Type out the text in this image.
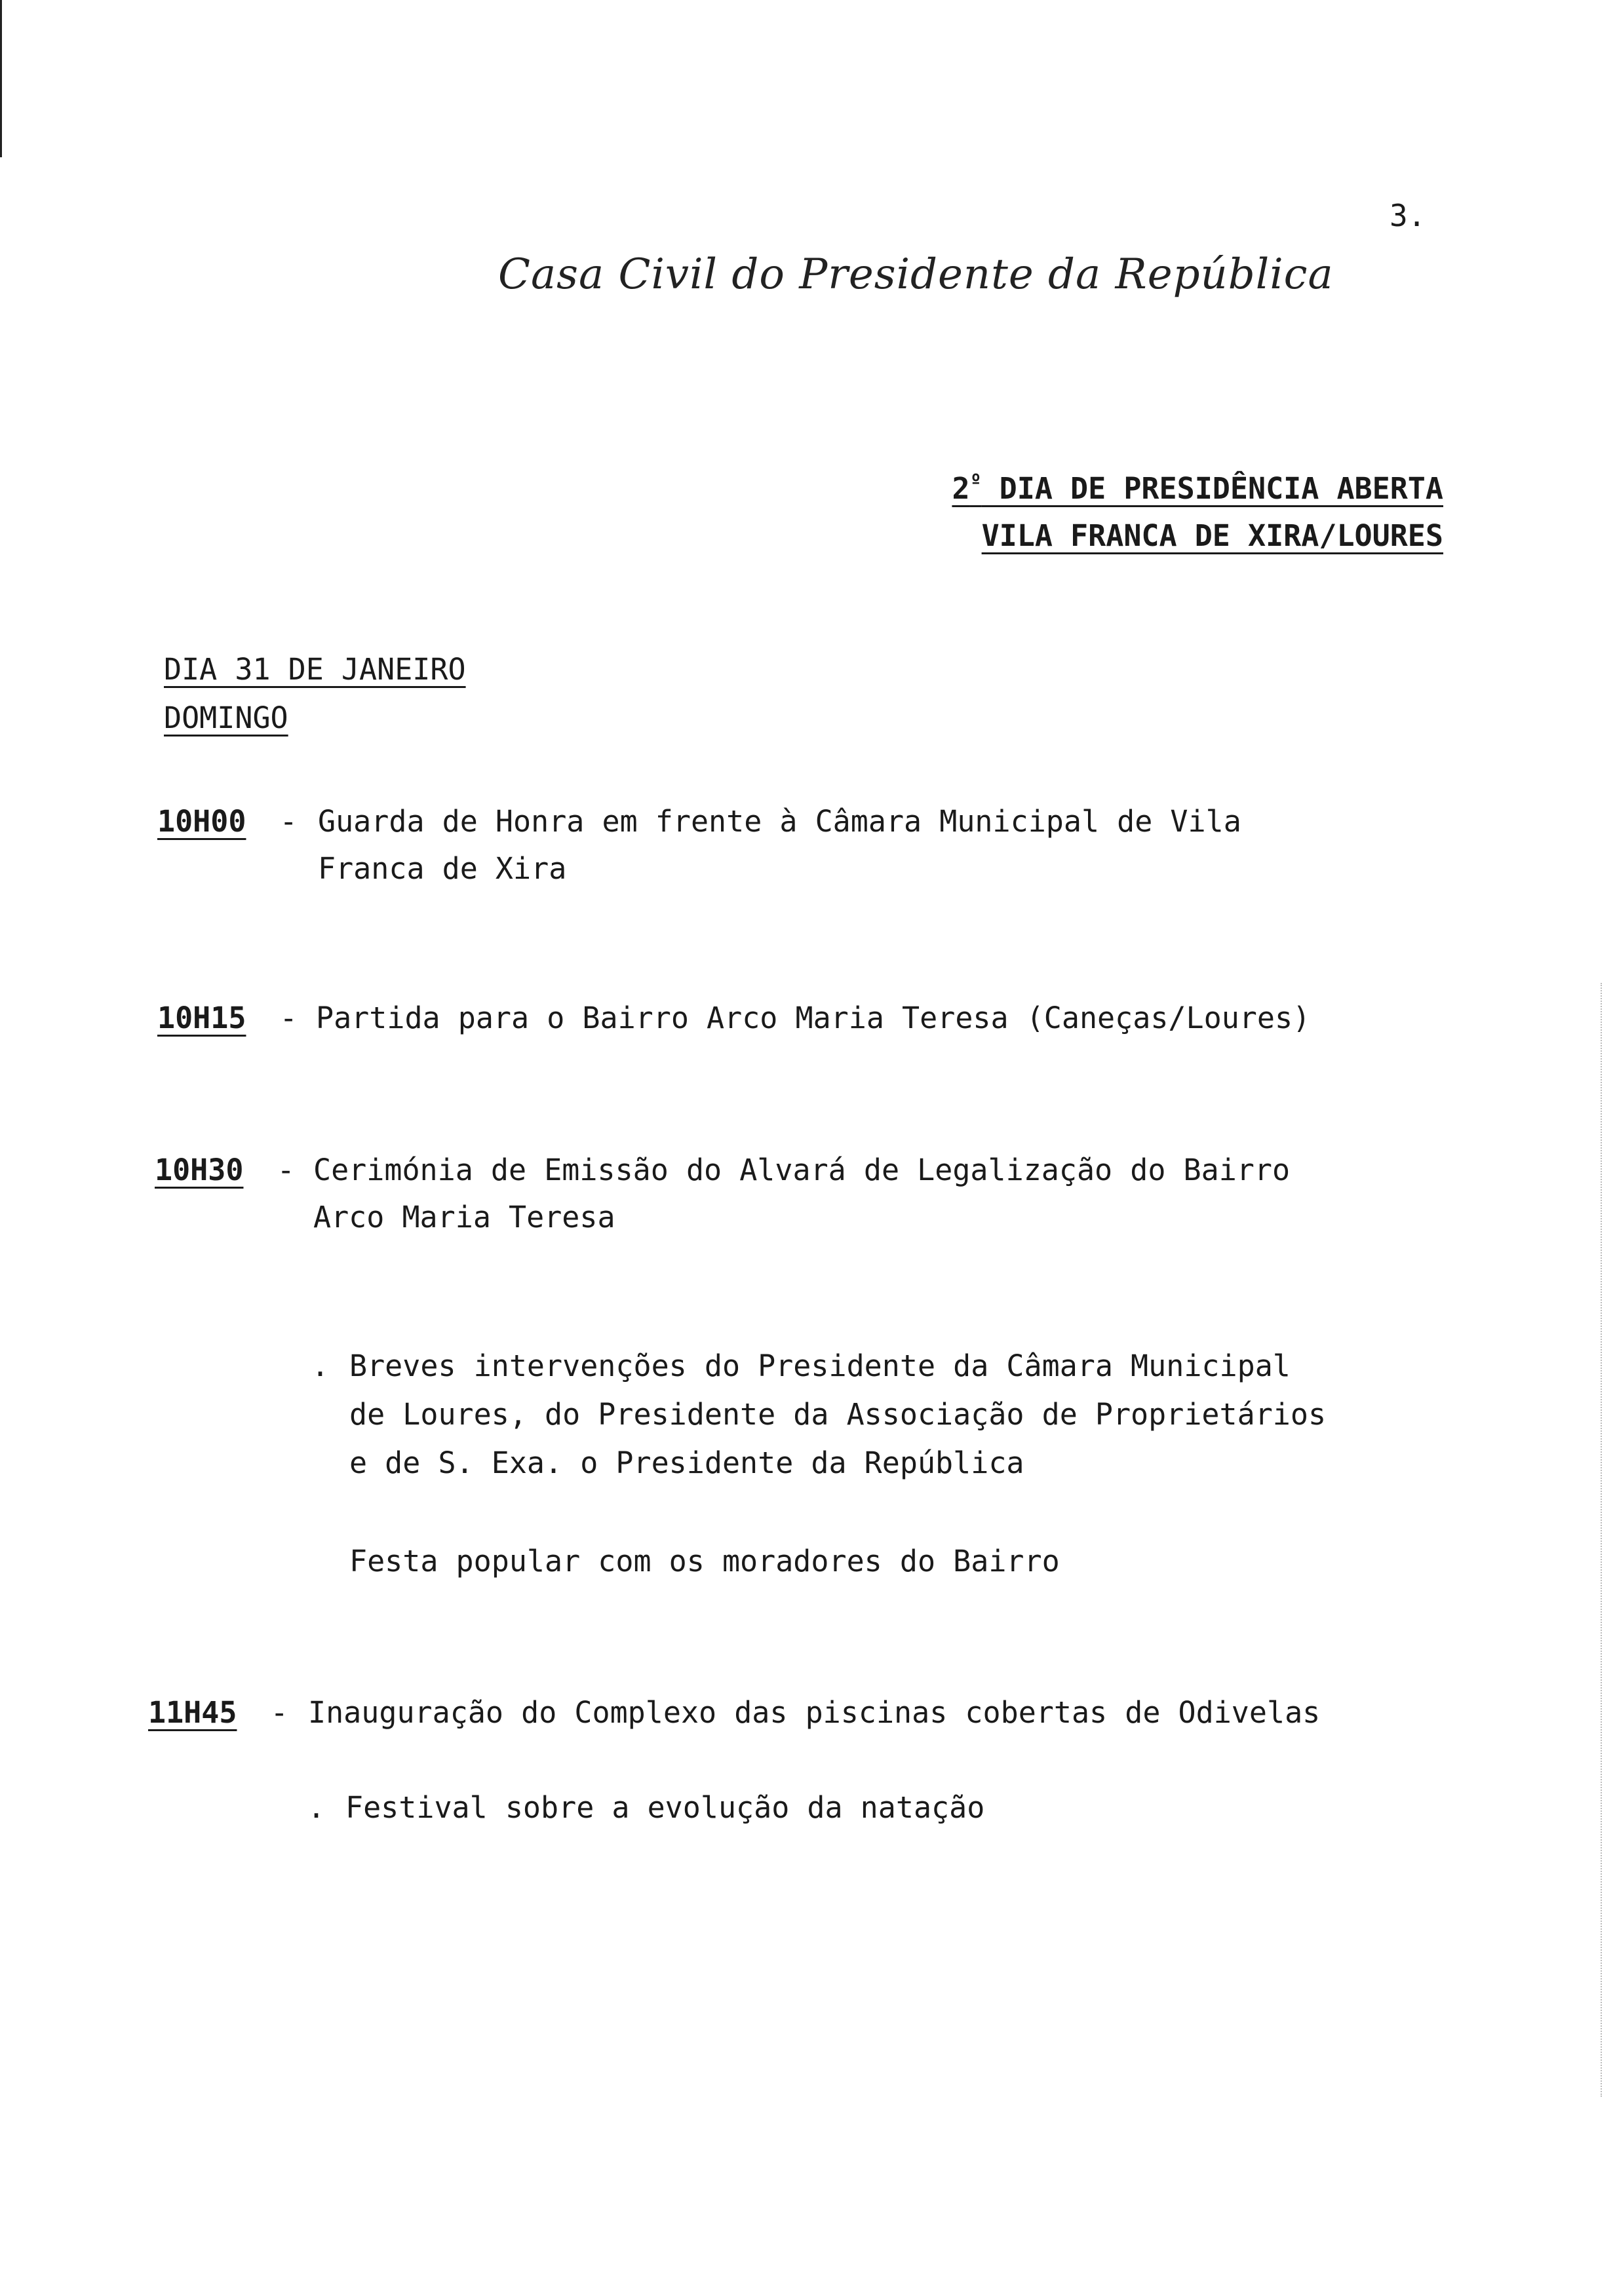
3.
Casa Civil do Presidente da República
$2^º$ DIA DE PRESIDÊNCIA ABERTA
VILA FRANCA DE XIRA/LOURES
DIA 31 DE JANEIRO
DOMINGO
10H00 - Guarda de Honra em frente à Câmara Municipal de Vila
Franca de Xira
10H15 - Partida para o Bairro Arco Maria Teresa (Caneças/Loures)
10H30 - Cerimónia de Emissão do Alvará de Legalização do Bairro
Arco Maria Teresa
. Breves intervenções do Presidente da Câmara Municipal
de Loures, do Presidente da Associação de Proprietários
e de S. Exa. o Presidente da República
Festa popular com os moradores do Bairro
11H45 - Inauguração do Complexo das piscinas cobertas de Odivelas
. Festival sobre a evolução da natação
